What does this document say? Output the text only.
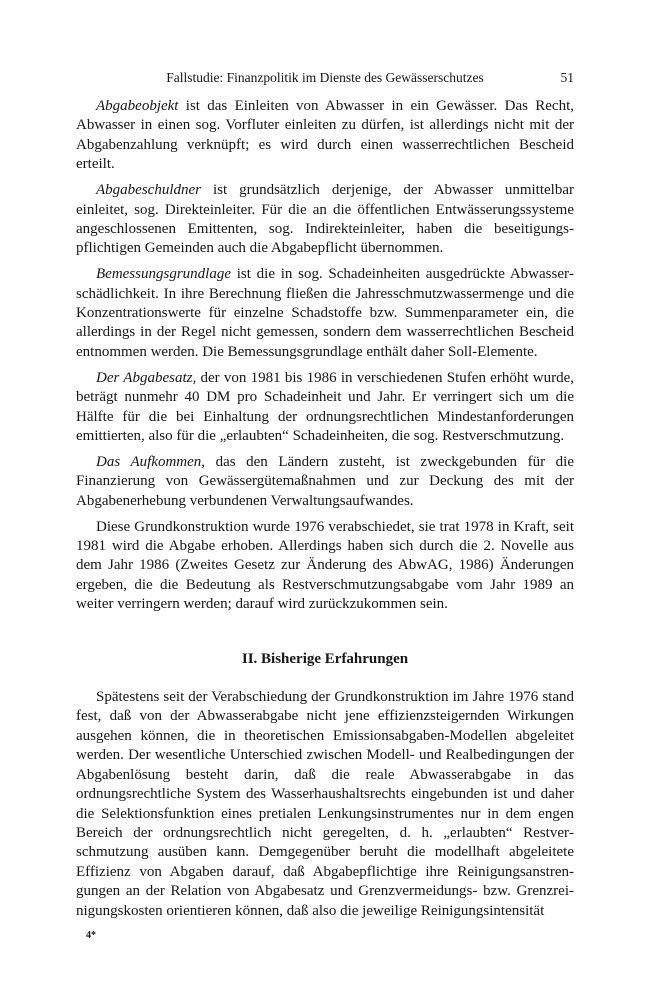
Fallstudie: Finanzpolitik im Dienste des Gewässerschutzes	51

Abgabeobjekt ist das Einleiten von Abwasser in ein Gewässer. Das Recht, Abwasser in einen sog. Vorfluter einleiten zu dürfen, ist allerdings nicht mit der Abgabenzahlung verknüpft; es wird durch einen wasserrechtlichen Bescheid erteilt.

Abgabeschuldner ist grundsätzlich derjenige, der Abwasser unmittelbar einleitet, sog. Direkteinleiter. Für die an die öffentlichen Entwässerungssysteme angeschlossenen Emittenten, sog. Indirekteinleiter, haben die beseitigungspflichtigen Gemeinden auch die Abgabepflicht übernommen.

Bemessungsgrundlage ist die in sog. Schadeinheiten ausgedrückte Abwasserschädlichkeit. In ihre Berechnung fließen die Jahresschmutzwassermenge und die Konzentrationswerte für einzelne Schadstoffe bzw. Summenparameter ein, die allerdings in der Regel nicht gemessen, sondern dem wasserrechtlichen Bescheid entnommen werden. Die Bemessungsgrundlage enthält daher Soll-Elemente.

Der Abgabesatz, der von 1981 bis 1986 in verschiedenen Stufen erhöht wurde, beträgt nunmehr 40 DM pro Schadeinheit und Jahr. Er verringert sich um die Hälfte für die bei Einhaltung der ordnungsrechtlichen Mindestanforderungen emittierten, also für die „erlaubten“ Schadeinheiten, die sog. Restverschmutzung.

Das Aufkommen, das den Ländern zusteht, ist zweckgebunden für die Finanzierung von Gewässergütemaßnahmen und zur Deckung des mit der Abgabenerhebung verbundenen Verwaltungsaufwandes.

Diese Grundkonstruktion wurde 1976 verabschiedet, sie trat 1978 in Kraft, seit 1981 wird die Abgabe erhoben. Allerdings haben sich durch die 2. Novelle aus dem Jahr 1986 (Zweites Gesetz zur Änderung des AbwAG, 1986) Änderungen ergeben, die die Bedeutung als Restverschmutzungsabgabe vom Jahr 1989 an weiter verringern werden; darauf wird zurückzukommen sein.

II. Bisherige Erfahrungen

Spätestens seit der Verabschiedung der Grundkonstruktion im Jahre 1976 stand fest, daß von der Abwasserabgabe nicht jene effizienzsteigernden Wirkungen ausgehen können, die in theoretischen Emissionsabgaben-Modellen abgeleitet werden. Der wesentliche Unterschied zwischen Modell- und Realbedingungen der Abgabenlösung besteht darin, daß die reale Abwasserabgabe in das ordnungsrechtliche System des Wasserhaushaltsrechts eingebunden ist und daher die Selektionsfunktion eines pretialen Lenkungsinstrumentes nur in dem engen Bereich der ordnungsrechtlich nicht geregelten, d. h. „erlaubten“ Restverschmutzung ausüben kann. Demgegenüber beruht die modellhaft abgeleitete Effizienz von Abgaben darauf, daß Abgabepflichtige ihre Reinigungsanstrengungen an der Relation von Abgabesatz und Grenzvermeidungs- bzw. Grenzreinigungskosten orientieren können, daß also die jeweilige Reinigungsintensität

4*
